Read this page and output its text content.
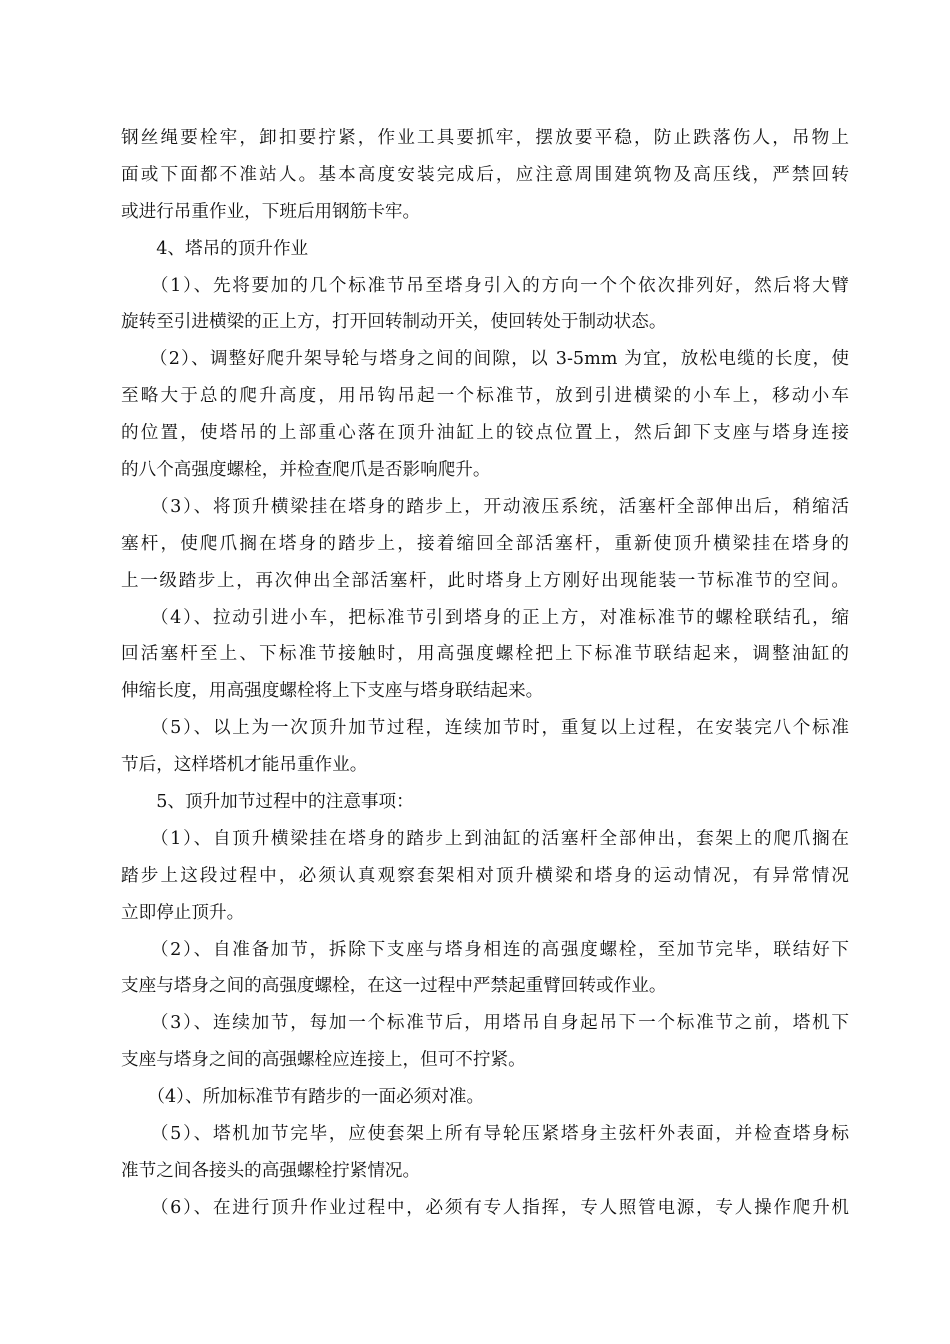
钢丝绳要栓牢，卸扣要拧紧，作业工具要抓牢，摆放要平稳，防止跌落伤人，吊物上
面或下面都不准站人。基本高度安装完成后，应注意周围建筑物及高压线，严禁回转
或进行吊重作业，下班后用钢筋卡牢。
　　4、塔吊的顶升作业
　　（1）、先将要加的几个标准节吊至塔身引入的方向一个个依次排列好，然后将大臂
旋转至引进横梁的正上方，打开回转制动开关，使回转处于制动状态。
　　（2）、调整好爬升架导轮与塔身之间的间隙，以 3-5mm 为宜，放松电缆的长度，使
至略大于总的爬升高度，用吊钩吊起一个标准节，放到引进横梁的小车上，移动小车
的位置，使塔吊的上部重心落在顶升油缸上的铰点位置上，然后卸下支座与塔身连接
的八个高强度螺栓，并检查爬爪是否影响爬升。
　　（3）、将顶升横梁挂在塔身的踏步上，开动液压系统，活塞杆全部伸出后，稍缩活
塞杆，使爬爪搁在塔身的踏步上，接着缩回全部活塞杆，重新使顶升横梁挂在塔身的
上一级踏步上，再次伸出全部活塞杆，此时塔身上方刚好出现能装一节标准节的空间。
　　（4）、拉动引进小车，把标准节引到塔身的正上方，对准标准节的螺栓联结孔，缩
回活塞杆至上、下标准节接触时，用高强度螺栓把上下标准节联结起来，调整油缸的
伸缩长度，用高强度螺栓将上下支座与塔身联结起来。
　　（5）、以上为一次顶升加节过程，连续加节时，重复以上过程，在安装完八个标准
节后，这样塔机才能吊重作业。
　　5、顶升加节过程中的注意事项：
　　（1）、自顶升横梁挂在塔身的踏步上到油缸的活塞杆全部伸出，套架上的爬爪搁在
踏步上这段过程中，必须认真观察套架相对顶升横梁和塔身的运动情况，有异常情况
立即停止顶升。
　　（2）、自准备加节，拆除下支座与塔身相连的高强度螺栓，至加节完毕，联结好下
支座与塔身之间的高强度螺栓，在这一过程中严禁起重臂回转或作业。
　　（3）、连续加节，每加一个标准节后，用塔吊自身起吊下一个标准节之前，塔机下
支座与塔身之间的高强螺栓应连接上，但可不拧紧。
　　（4）、所加标准节有踏步的一面必须对准。
　　（5）、塔机加节完毕，应使套架上所有导轮压紧塔身主弦杆外表面，并检查塔身标
准节之间各接头的高强螺栓拧紧情况。
　　（6）、在进行顶升作业过程中，必须有专人指挥，专人照管电源，专人操作爬升机
